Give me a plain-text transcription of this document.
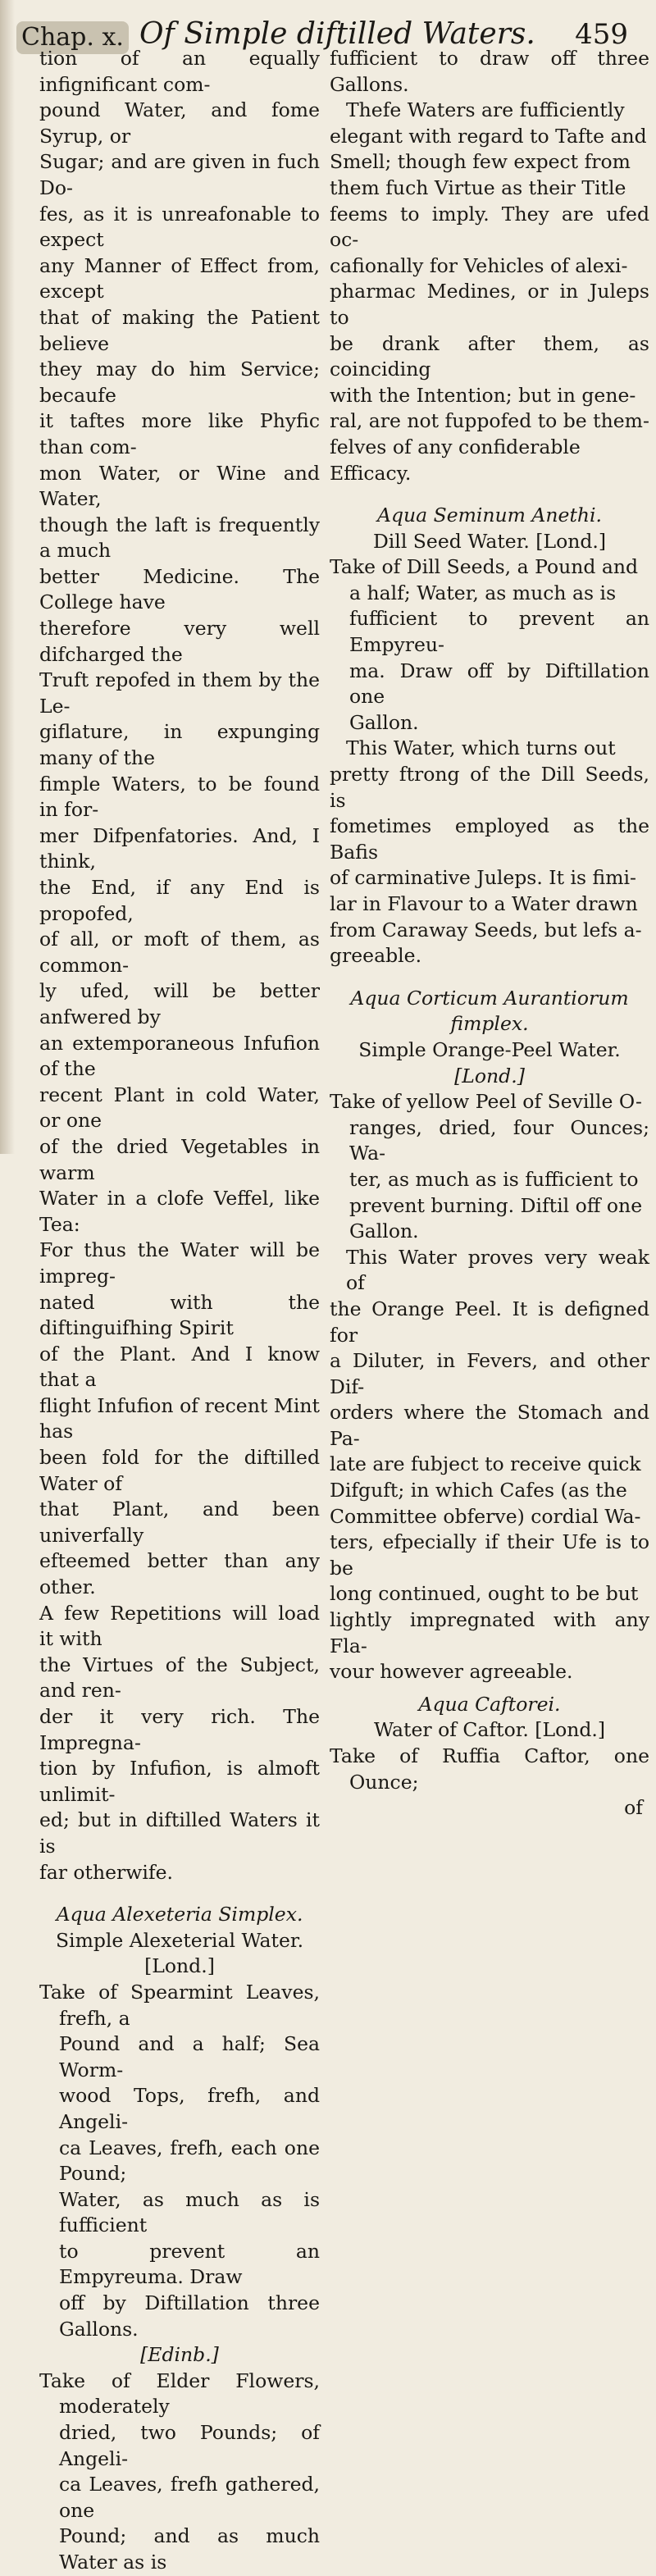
Chap. x. Of Simple diftilled Waters. 459

tion of an equally infignificant com-

pound Water, and fome Syrup, or

Sugar; and are given in fuch Do-

fes, as it is unreafonable to expect

any Manner of Effect from, except

that of making the Patient believe

they may do him Service; becaufe

it taftes more like Phyfic than com-

mon Water, or Wine and Water,

though the laft is frequently a much

better Medicine. The College have

therefore very well difcharged the

Truft repofed in them by the Le-

giflature, in expunging many of the

fimple Waters, to be found in for-

mer Difpenfatories. And, I think,

the End, if any End is propofed,

of all, or moft of them, as common-

ly ufed, will be better anfwered by

an extemporaneous Infufion of the

recent Plant in cold Water, or one

of the dried Vegetables in warm

Water in a clofe Veffel, like Tea:

For thus the Water will be impreg-

nated with the diftinguifhing Spirit

of the Plant. And I know that a

flight Infufion of recent Mint has

been fold for the diftilled Water of

that Plant, and been univerfally

efteemed better than any other.

A few Repetitions will load it with

the Virtues of the Subject, and ren-

der it very rich. The Impregna-

tion by Infufion, is almoft unlimit-

ed; but in diftilled Waters it is

far otherwife.

Aqua Alexeteria Simplex.

Simple Alexeterial Water. [Lond.]

Take of Spearmint Leaves, frefh, a

Pound and a half; Sea Worm-

wood Tops, frefh, and Angeli-

ca Leaves, frefh, each one Pound;

Water, as much as is fufficient

to prevent an Empyreuma. Draw

off by Diftillation three Gallons.

[Edinb.]

Take of Elder Flowers, moderately

dried, two Pounds; of Angeli-

ca Leaves, frefh gathered, one

Pound; and as much Water as is

fufficient to draw off three Gallons.

Thefe Waters are fufficiently

elegant with regard to Tafte and

Smell; though few expect from

them fuch Virtue as their Title

feems to imply. They are ufed oc-

cafionally for Vehicles of alexi-

pharmac Medines, or in Juleps to

be drank after them, as coinciding

with the Intention; but in gene-

ral, are not fuppofed to be them-

felves of any confiderable Efficacy.

Aqua Seminum Anethi.

Dill Seed Water. [Lond.]

Take of Dill Seeds, a Pound and

a half; Water, as much as is

fufficient to prevent an Empyreu-

ma. Draw off by Diftillation one

Gallon.

This Water, which turns out

pretty ftrong of the Dill Seeds, is

fometimes employed as the Bafis

of carminative Juleps. It is fimi-

lar in Flavour to a Water drawn

from Caraway Seeds, but lefs a-

greeable.

Aqua Corticum Aurantiorum fimplex.

Simple Orange-Peel Water.

[Lond.]

Take of yellow Peel of Seville O-

ranges, dried, four Ounces; Wa-

ter, as much as is fufficient to

prevent burning. Diftil off one

Gallon.

This Water proves very weak of

the Orange Peel. It is defigned for

a Diluter, in Fevers, and other Dif-

orders where the Stomach and Pa-

late are fubject to receive quick

Difguft; in which Cafes (as the

Committee obferve) cordial Wa-

ters, efpecially if their Ufe is to be

long continued, ought to be but

lightly impregnated with any Fla-

vour however agreeable.

Aqua Caftorei.

Water of Caftor. [Lond.]

Take of Ruffia Caftor, one Ounce;

of
